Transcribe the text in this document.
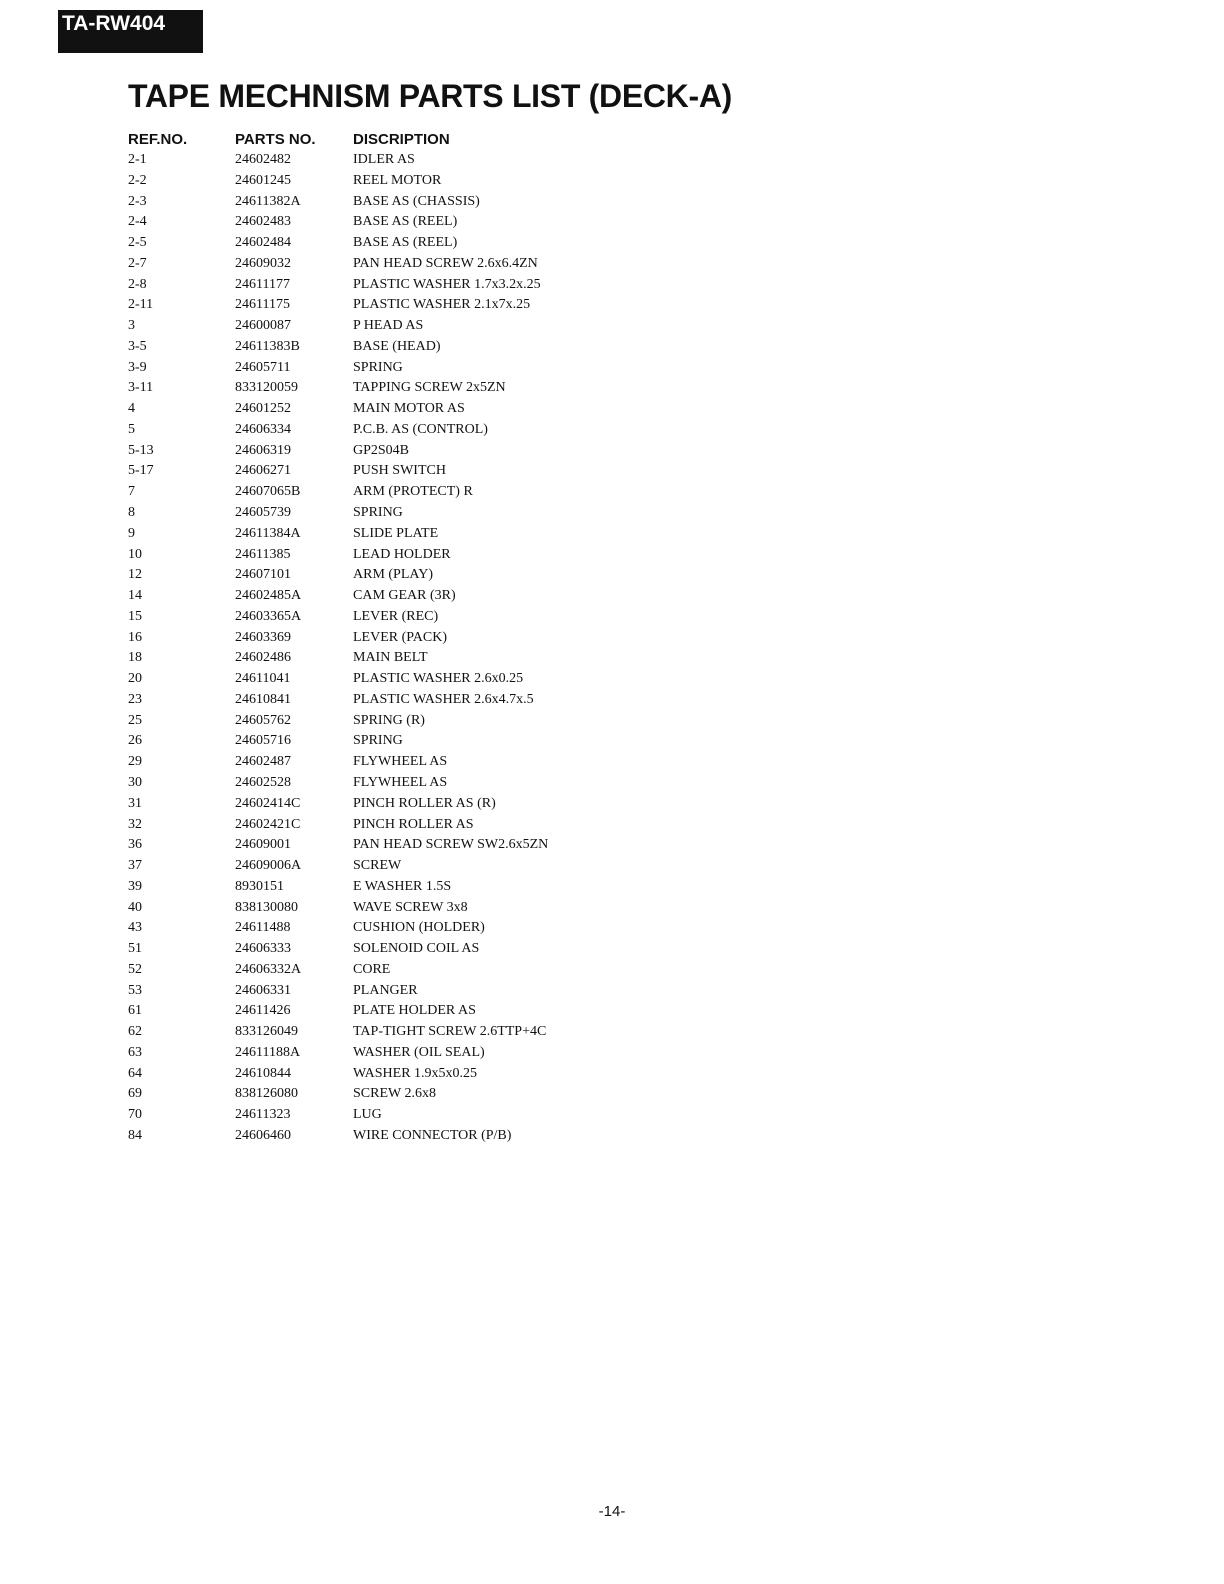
TA-RW404
TAPE MECHNISM PARTS LIST (DECK-A)
REF.NO.	PARTS NO.	DISCRIPTION
2-1	24602482	IDLER AS
2-2	24601245	REEL MOTOR
2-3	24611382A	BASE AS (CHASSIS)
2-4	24602483	BASE AS (REEL)
2-5	24602484	BASE AS (REEL)
2-7	24609032	PAN HEAD SCREW 2.6x6.4ZN
2-8	24611177	PLASTIC WASHER 1.7x3.2x.25
2-11	24611175	PLASTIC WASHER 2.1x7x.25
3	24600087	P HEAD AS
3-5	24611383B	BASE (HEAD)
3-9	24605711	SPRING
3-11	833120059	TAPPING SCREW 2x5ZN
4	24601252	MAIN MOTOR AS
5	24606334	P.C.B. AS (CONTROL)
5-13	24606319	GP2S04B
5-17	24606271	PUSH SWITCH
7	24607065B	ARM (PROTECT) R
8	24605739	SPRING
9	24611384A	SLIDE PLATE
10	24611385	LEAD HOLDER
12	24607101	ARM (PLAY)
14	24602485A	CAM GEAR (3R)
15	24603365A	LEVER (REC)
16	24603369	LEVER (PACK)
18	24602486	MAIN BELT
20	24611041	PLASTIC WASHER 2.6x0.25
23	24610841	PLASTIC WASHER 2.6x4.7x.5
25	24605762	SPRING (R)
26	24605716	SPRING
29	24602487	FLYWHEEL AS
30	24602528	FLYWHEEL AS
31	24602414C	PINCH ROLLER AS (R)
32	24602421C	PINCH ROLLER AS
36	24609001	PAN HEAD SCREW SW2.6x5ZN
37	24609006A	SCREW
39	8930151	E WASHER 1.5S
40	838130080	WAVE SCREW 3x8
43	24611488	CUSHION (HOLDER)
51	24606333	SOLENOID COIL AS
52	24606332A	CORE
53	24606331	PLANGER
61	24611426	PLATE HOLDER AS
62	833126049	TAP-TIGHT SCREW 2.6TTP+4C
63	24611188A	WASHER (OIL SEAL)
64	24610844	WASHER 1.9x5x0.25
69	838126080	SCREW 2.6x8
70	24611323	LUG
84	24606460	WIRE CONNECTOR (P/B)
-14-
